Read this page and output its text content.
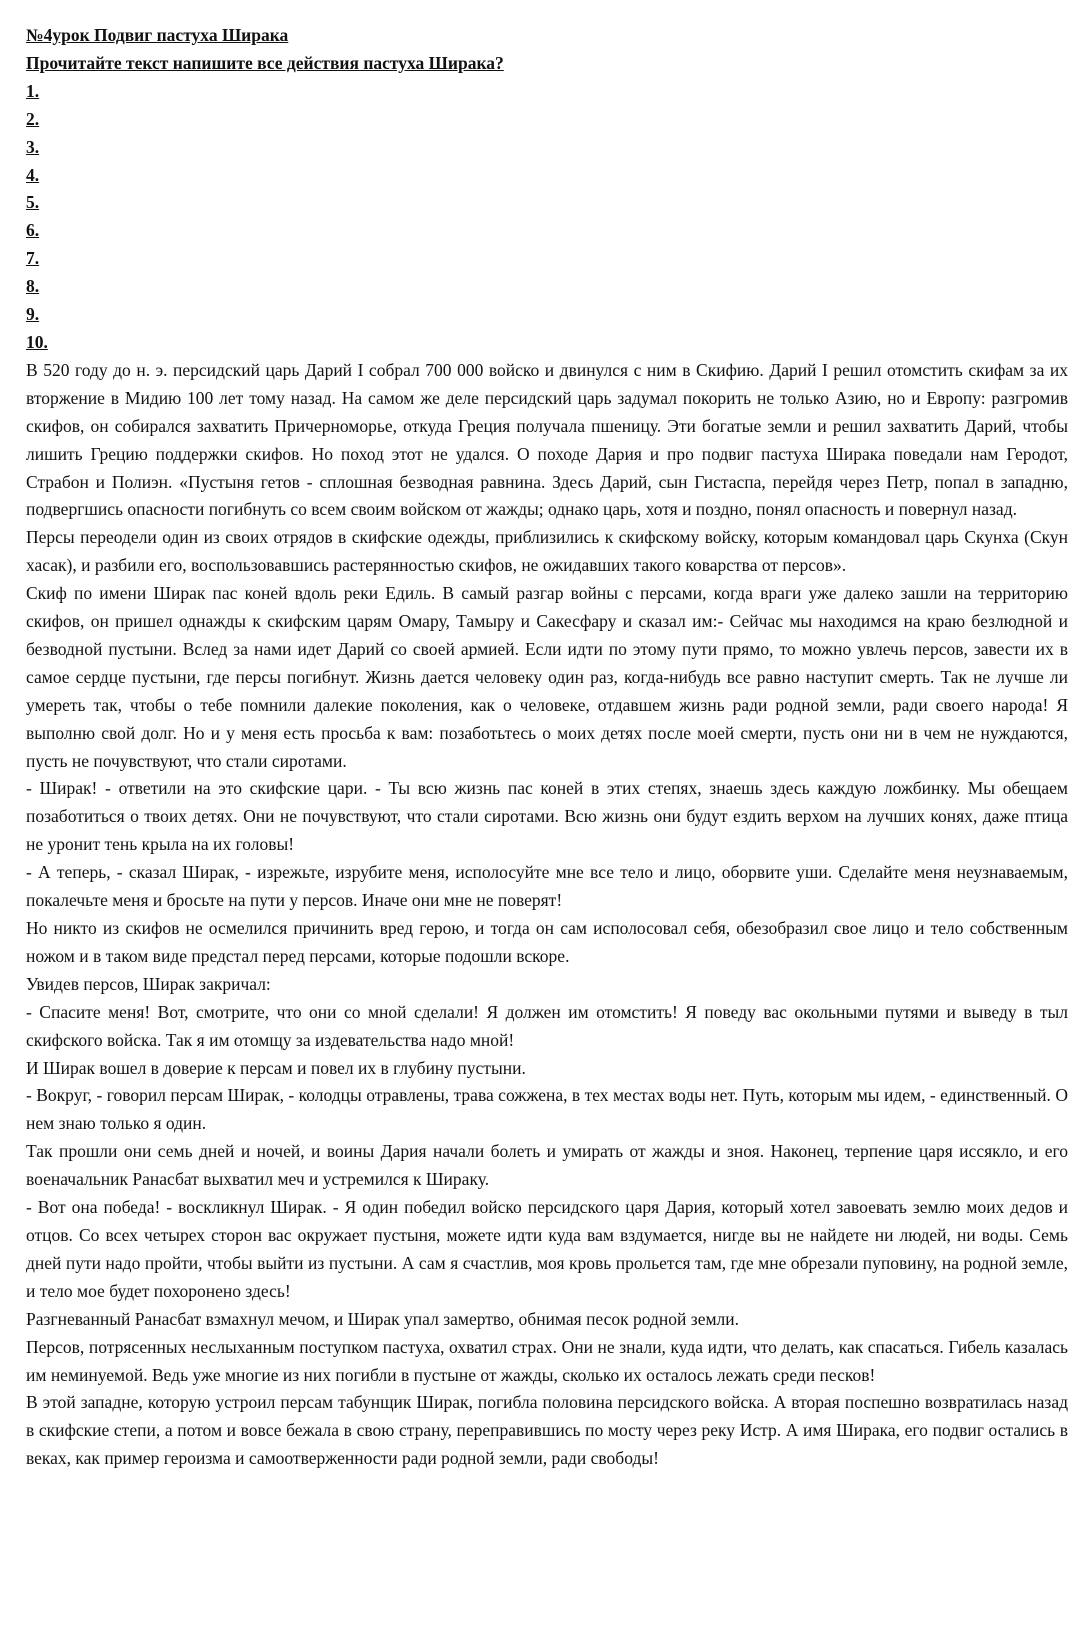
№4урок Подвиг пастуха Ширака

Прочитайте текст напишите все действия пастуха Ширака?

1.
2.
3.
4.
5.
6.
7.
8.
9.
10.

В 520 году до н. э. персидский царь Дарий I собрал 700 000 войско и двинулся с ним в Скифию. Дарий I решил отомстить скифам за их вторжение в Мидию 100 лет тому назад. На самом же деле персидский царь задумал покорить не только Азию, но и Европу: разгромив скифов, он собирался захватить Причерноморье, откуда Греция получала пшеницу. Эти богатые земли и решил захватить Дарий, чтобы лишить Грецию поддержки скифов. Но поход этот не удался. О походе Дария и про подвиг пастуха Ширака поведали нам Геродот, Страбон и Полиэн. «Пустыня гетов - сплошная безводная равнина. Здесь Дарий, сын Гистаспа, перейдя через Петр, попал в западню, подвергшись опасности погибнуть со всем своим войском от жажды; однако царь, хотя и поздно, понял опасность и повернул назад.

Персы переодели один из своих отрядов в скифские одежды, приблизились к скифскому войску, которым командовал царь Скунха (Скун хасак), и разбили его, воспользовавшись растерянностью скифов, не ожидавших такого коварства от персов».

Скиф по имени Ширак пас коней вдоль реки Едиль. В самый разгар войны с персами, когда враги уже далеко зашли на территорию скифов, он пришел однажды к скифским царям Омару, Тамыру и Сакесфару и сказал им:- Сейчас мы находимся на краю безлюдной и безводной пустыни. Вслед за нами идет Дарий со своей армией. Если идти по этому пути прямо, то можно увлечь персов, завести их в самое сердце пустыни, где персы погибнут. Жизнь дается человеку один раз, когда-нибудь все равно наступит смерть. Так не лучше ли умереть так, чтобы о тебе помнили далекие поколения, как о человеке, отдавшем жизнь ради родной земли, ради своего народа! Я выполню свой долг. Но и у меня есть просьба к вам: позаботьтесь о моих детях после моей смерти, пусть они ни в чем не нуждаются, пусть не почувствуют, что стали сиротами.

- Ширак! - ответили на это скифские цари. - Ты всю жизнь пас коней в этих степях, знаешь здесь каждую ложбинку. Мы обещаем позаботиться о твоих детях. Они не почувствуют, что стали сиротами. Всю жизнь они будут ездить верхом на лучших конях, даже птица не уронит тень крыла на их головы!

- А теперь, - сказал Ширак, - изрежьте, изрубите меня, исполосуйте мне все тело и лицо, оборвите уши. Сделайте меня неузнаваемым, покалечьте меня и бросьте на пути у персов. Иначе они мне не поверят!

Но никто из скифов не осмелился причинить вред герою, и тогда он сам исполосовал себя, обезобразил свое лицо и тело собственным ножом и в таком виде предстал перед персами, которые подошли вскоре.

Увидев персов, Ширак закричал:

- Спасите меня! Вот, смотрите, что они со мной сделали! Я должен им отомстить! Я поведу вас окольными путями и выведу в тыл скифского войска. Так я им отомщу за издевательства надо мной!

И Ширак вошел в доверие к персам и повел их в глубину пустыни.

- Вокруг, - говорил персам Ширак, - колодцы отравлены, трава сожжена, в тех местах воды нет. Путь, которым мы идем, - единственный. О нем знаю только я один.

Так прошли они семь дней и ночей, и воины Дария начали болеть и умирать от жажды и зноя. Наконец, терпение царя иссякло, и его военачальник Ранасбат выхватил меч и устремился к Шираку.

- Вот она победа! - воскликнул Ширак. - Я один победил войско персидского царя Дария, который хотел завоевать землю моих дедов и отцов. Со всех четырех сторон вас окружает пустыня, можете идти куда вам вздумается, нигде вы не найдете ни людей, ни воды. Семь дней пути надо пройти, чтобы выйти из пустыни. А сам я счастлив, моя кровь прольется там, где мне обрезали пуповину, на родной земле, и тело мое будет похоронено здесь!

Разгневанный Ранасбат взмахнул мечом, и Ширак упал замертво, обнимая песок родной земли.

Персов, потрясенных неслыханным поступком пастуха, охватил страх. Они не знали, куда идти, что делать, как спасаться. Гибель казалась им неминуемой. Ведь уже многие из них погибли в пустыне от жажды, сколько их осталось лежать среди песков!

В этой западне, которую устроил персам табунщик Ширак, погибла половина персидского войска. А вторая поспешно возвратилась назад в скифские степи, а потом и вовсе бежала в свою страну, переправившись по мосту через реку Истр. А имя Ширака, его подвиг остались в веках, как пример героизма и самоотверженности ради родной земли, ради свободы!
